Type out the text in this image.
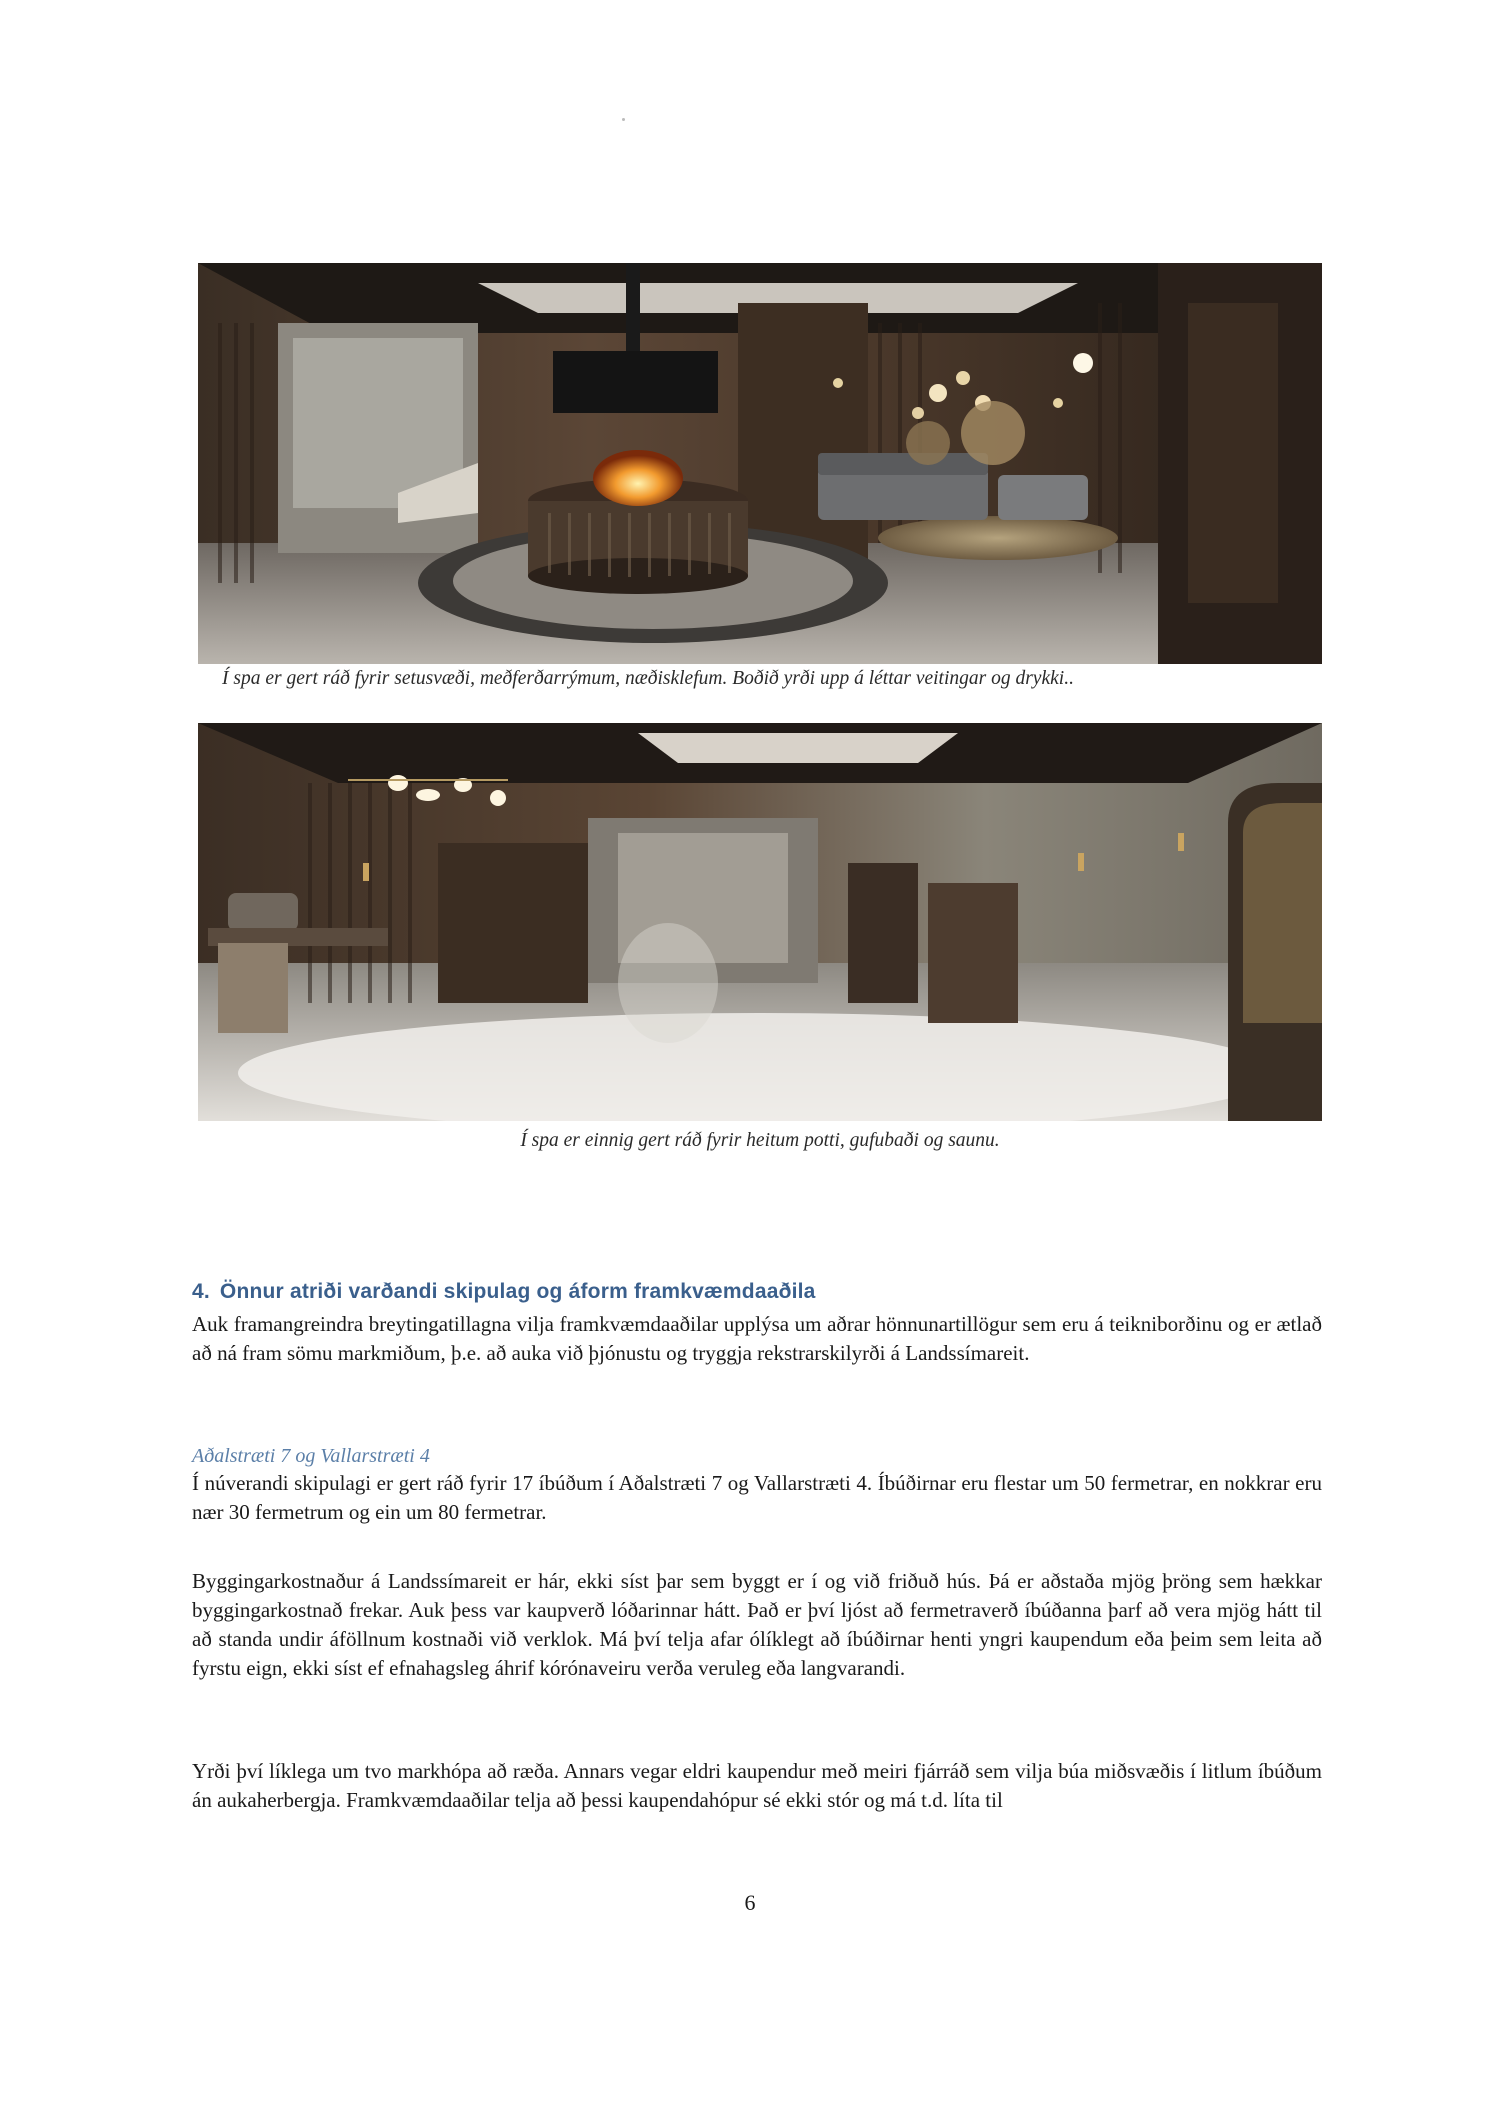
Í spa er gert ráð fyrir setusvæði, meðferðarrýmum, næðisklefum. Boðið yrði upp á léttar veitingar og drykki..
Í spa er einnig gert ráð fyrir heitum potti, gufubaði og saunu.
4. Önnur atriði varðandi skipulag og áform framkvæmdaaðila

Auk framangreindra breytingatillagna vilja framkvæmdaaðilar upplýsa um aðrar hönnunartillögur sem eru á teikniborðinu og er ætlað að ná fram sömu markmiðum, þ.e. að auka við þjónustu og tryggja rekstrarskilyrði á Landssímareit.

Aðalstræti 7 og Vallarstræti 4

Í núverandi skipulagi er gert ráð fyrir 17 íbúðum í Aðalstræti 7 og Vallarstræti 4. Íbúðirnar eru flestar um 50 fermetrar, en nokkrar eru nær 30 fermetrum og ein um 80 fermetrar.

Byggingarkostnaður á Landssímareit er hár, ekki síst þar sem byggt er í og við friðuð hús. Þá er aðstaða mjög þröng sem hækkar byggingarkostnað frekar. Auk þess var kaupverð lóðarinnar hátt. Það er því ljóst að fermetraverð íbúðanna þarf að vera mjög hátt til að standa undir áföllnum kostnaði við verklok. Má því telja afar ólíklegt að íbúðirnar henti yngri kaupendum eða þeim sem leita að fyrstu eign, ekki síst ef efnahagsleg áhrif kórónaveiru verða veruleg eða langvarandi.

Yrði því líklega um tvo markhópa að ræða. Annars vegar eldri kaupendur með meiri fjárráð sem vilja búa miðsvæðis í litlum íbúðum án aukaherbergja. Framkvæmdaaðilar telja að þessi kaupendahópur sé ekki stór og má t.d. líta til

6
